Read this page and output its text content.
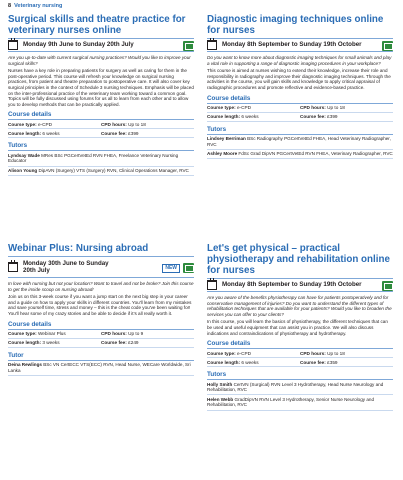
8 Veterinary nursing
Surgical skills and theatre practice for veterinary nurses online
Monday 9th June to Sunday 20th July
Are you up-to-date with current surgical nursing practices? Would you like to improve your surgical skills?
Nurses have a key role in preparing patients for surgery as well as caring for them in the post-operative period. This course will refresh your knowledge on surgical nursing practices, from patient and theatre preparation to postoperative care. It will also cover key surgical principles in the context of Schedule 3 nursing techniques. Emphasis will be placed on the inter-professional practice of the veterinary team working toward a common goal. Topics will be fully discussed using forums for us all to learn from each other and to allow you to develop methods that can be practically applied.
Course details
Course type: e-CPD	CPD hours: Up to 18
Course length: 6 weeks	Course fee: £399
Tutors
Lyndsay Wade MRes BSc PGCertVetEd RVN FHEA, Freelance Veterinary Nursing Educator
Alison Young DipAVN (Surgery) VTS (Surgery) RVN, Clinical Operations Manager, RVC
Diagnostic imaging techniques online for nurses
Monday 8th September to Sunday 19th October
Do you want to know more about diagnostic imaging techniques for small animals and play a vital role in supporting a range of diagnostic imaging procedures in your workplace?
This course is aimed at nurses wishing to extend their knowledge, increase their role and responsibility in radiography and improve their diagnostic imaging techniques. Through the activities in the course, you will gain skills and knowledge to apply critical appraisal of radiographic procedures and promote reflective and evidence-based practice.
Course details
Course type: e-CPD	CPD hours: Up to 18
Course length: 6 weeks	Course fee: £399
Tutors
Lindsey Berriman BSc Radiography PGCertVetEd FHEA, Head Veterinary Radiographer, RVC
Ashley Moore FdSc Grad DipVN PGCertVetEd RVN FHEA, Veterinary Radiographer, RVC
Webinar Plus: Nursing abroad
Monday 30th June to Sunday 20th July	NEW
In love with nursing but not your location? Want to travel and not be broke? Join this course to get the inside scoop on nursing abroad!
Join us on this 3-week course if you want a jump start on the next big step in your career and a guide on how to apply your skills in different countries. You'll learn from my mistakes and save yourself time, stress and money – this is the cheat code you've been waiting for! You'll hear some of my crazy stories and be able to decide if it's all really worth it.
Course details
Course type: Webinar Plus	CPD hours: Up to 9
Course length: 3 weeks	Course fee: £249
Tutor
Deina Rewlings BSc VN CertECC VTS(ECC) RVN, Head Nurse, WECare Worldwide, Sri Lanka
Let's get physical – practical physiotherapy and rehabilitation online for nurses
Monday 8th September to Sunday 19th October
Are you aware of the benefits physiotherapy can have for patients postoperatively and for conservative management of injuries? Do you want to understand the different types of rehabilitation techniques that are available for your patients? Would you like to broaden the services you can offer to your clients?
In this course, you will learn the basics of physiotherapy, the different techniques that can be used and useful equipment that can assist you in practice. We will also discuss indications and contraindications of physiotherapy and hydrotherapy.
Course details
Course type: e-CPD	CPD hours: Up to 18
Course length: 6 weeks	Course fee: £359
Tutors
Holly Smith CertVN (Surgical) RVN Level 3 Hydrotherapy, Head Nurse Neurology and Rehabilitation, RVC
Helen Webb GradDipVN RVN Level 3 Hydrotherapy, Senior Nurse Neurology and Rehabilitation, RVC
